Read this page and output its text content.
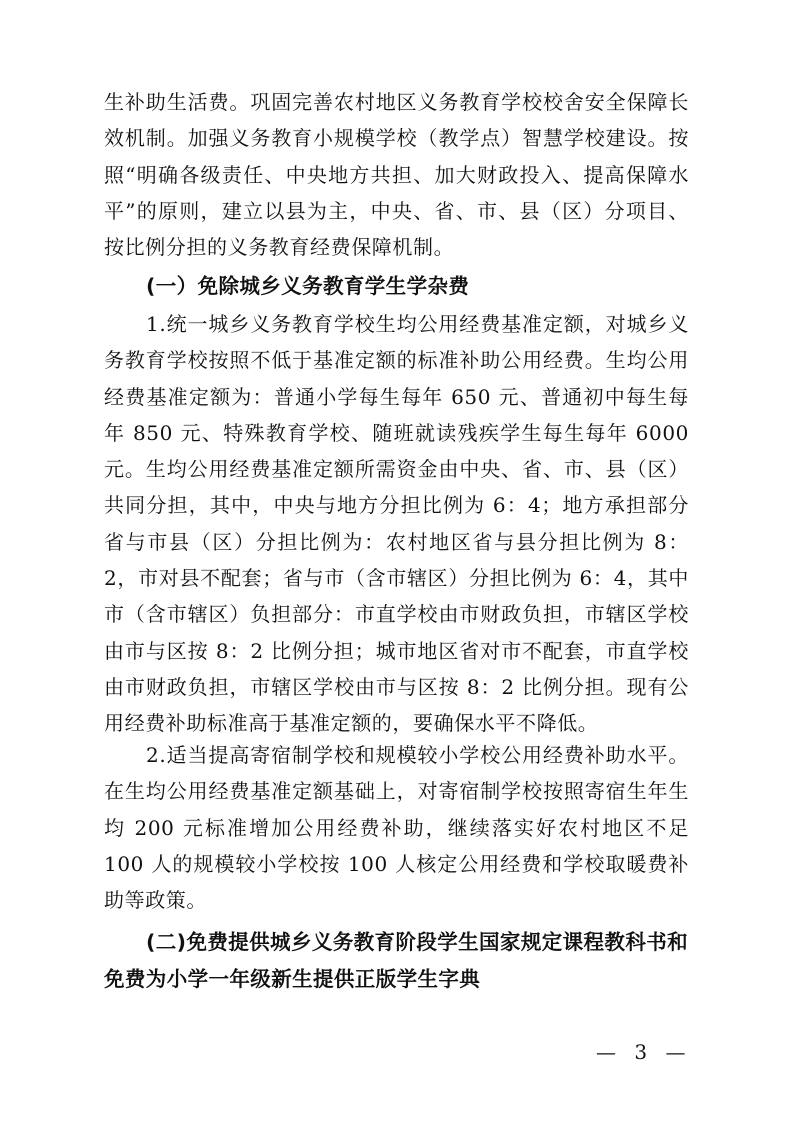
生补助生活费。巩固完善农村地区义务教育学校校舍安全保障长效机制。加强义务教育小规模学校（教学点）智慧学校建设。按照“明确各级责任、中央地方共担、加大财政投入、提高保障水平”的原则，建立以县为主，中央、省、市、县（区）分项目、按比例分担的义务教育经费保障机制。

(一）免除城乡义务教育学生学杂费

1.统一城乡义务教育学校生均公用经费基准定额，对城乡义务教育学校按照不低于基准定额的标准补助公用经费。生均公用经费基准定额为：普通小学每生每年 650 元、普通初中每生每年 850 元、特殊教育学校、随班就读残疾学生每生每年 6000 元。生均公用经费基准定额所需资金由中央、省、市、县（区）共同分担，其中，中央与地方分担比例为 6：4；地方承担部分省与市县（区）分担比例为：农村地区省与县分担比例为 8：2，市对县不配套；省与市（含市辖区）分担比例为 6：4，其中市（含市辖区）负担部分：市直学校由市财政负担，市辖区学校由市与区按 8：2 比例分担；城市地区省对市不配套，市直学校由市财政负担，市辖区学校由市与区按 8：2 比例分担。现有公用经费补助标准高于基准定额的，要确保水平不降低。

2.适当提高寄宿制学校和规模较小学校公用经费补助水平。在生均公用经费基准定额基础上，对寄宿制学校按照寄宿生年生均 200 元标准增加公用经费补助，继续落实好农村地区不足 100 人的规模较小学校按 100 人核定公用经费和学校取暖费补助等政策。

(二)免费提供城乡义务教育阶段学生国家规定课程教科书和免费为小学一年级新生提供正版学生字典
— 3 —
